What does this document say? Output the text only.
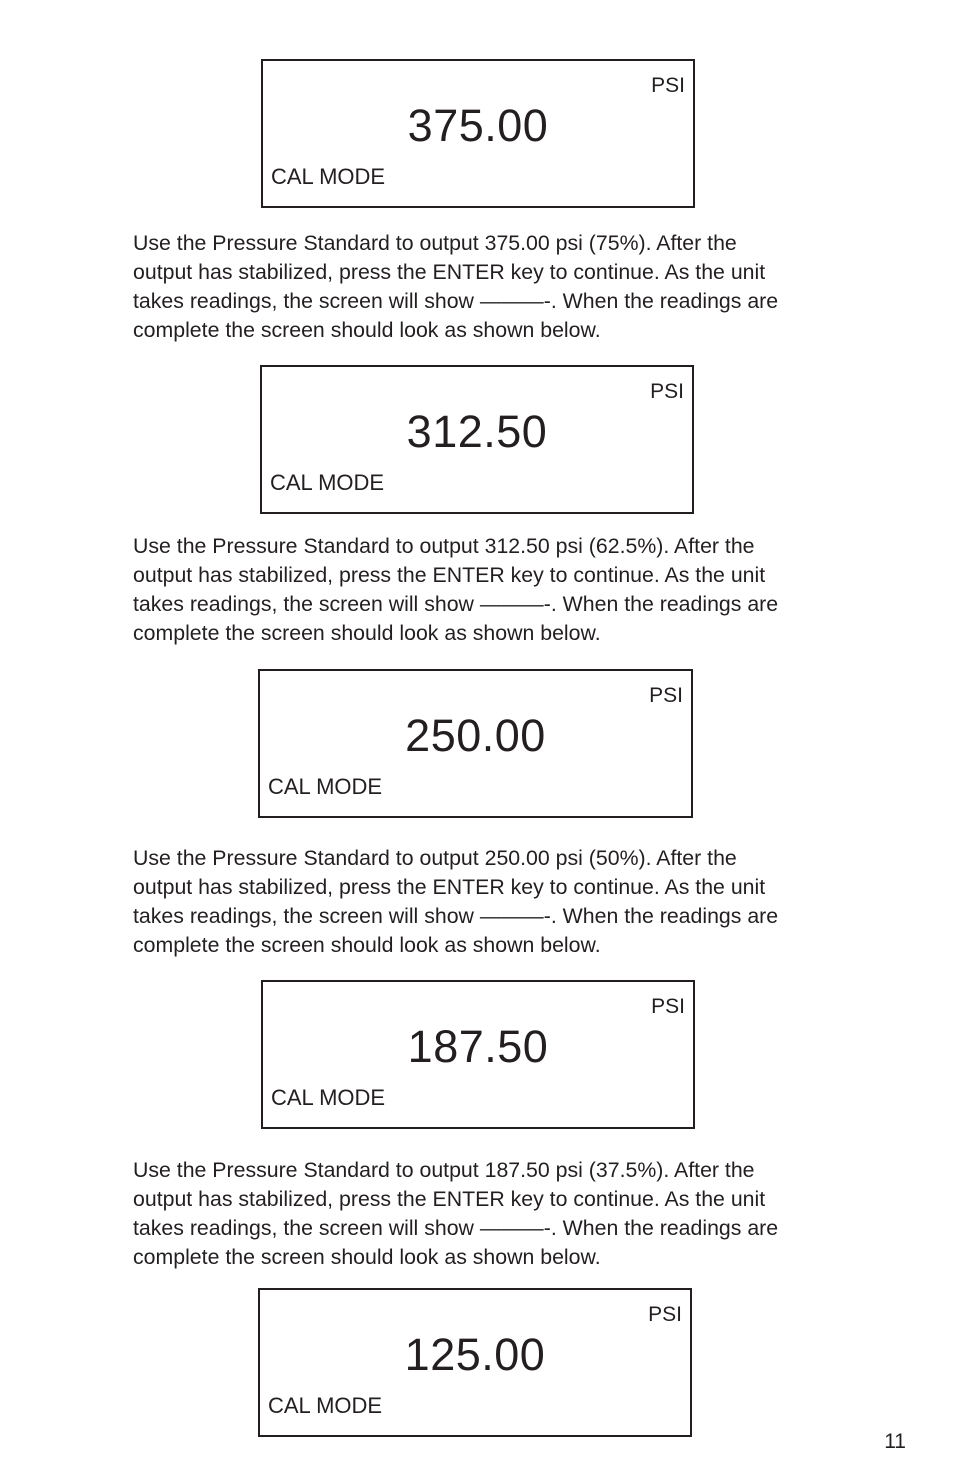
PSI
375.00
CAL MODE

Use the Pressure Standard to output 375.00 psi (75%). After the
output has stabilized, press the ENTER key to continue. As the unit
takes readings, the screen will show ———-. When the readings are
complete the screen should look as shown below.

PSI
312.50
CAL MODE

Use the Pressure Standard to output 312.50 psi (62.5%). After the
output has stabilized, press the ENTER key to continue. As the unit
takes readings, the screen will show ———-. When the readings are
complete the screen should look as shown below.

PSI
250.00
CAL MODE

Use the Pressure Standard to output 250.00 psi (50%). After the
output has stabilized, press the ENTER key to continue. As the unit
takes readings, the screen will show ———-. When the readings are
complete the screen should look as shown below.

PSI
187.50
CAL MODE

Use the Pressure Standard to output 187.50 psi (37.5%). After the
output has stabilized, press the ENTER key to continue. As the unit
takes readings, the screen will show ———-. When the readings are
complete the screen should look as shown below.

PSI
125.00
CAL MODE
11
